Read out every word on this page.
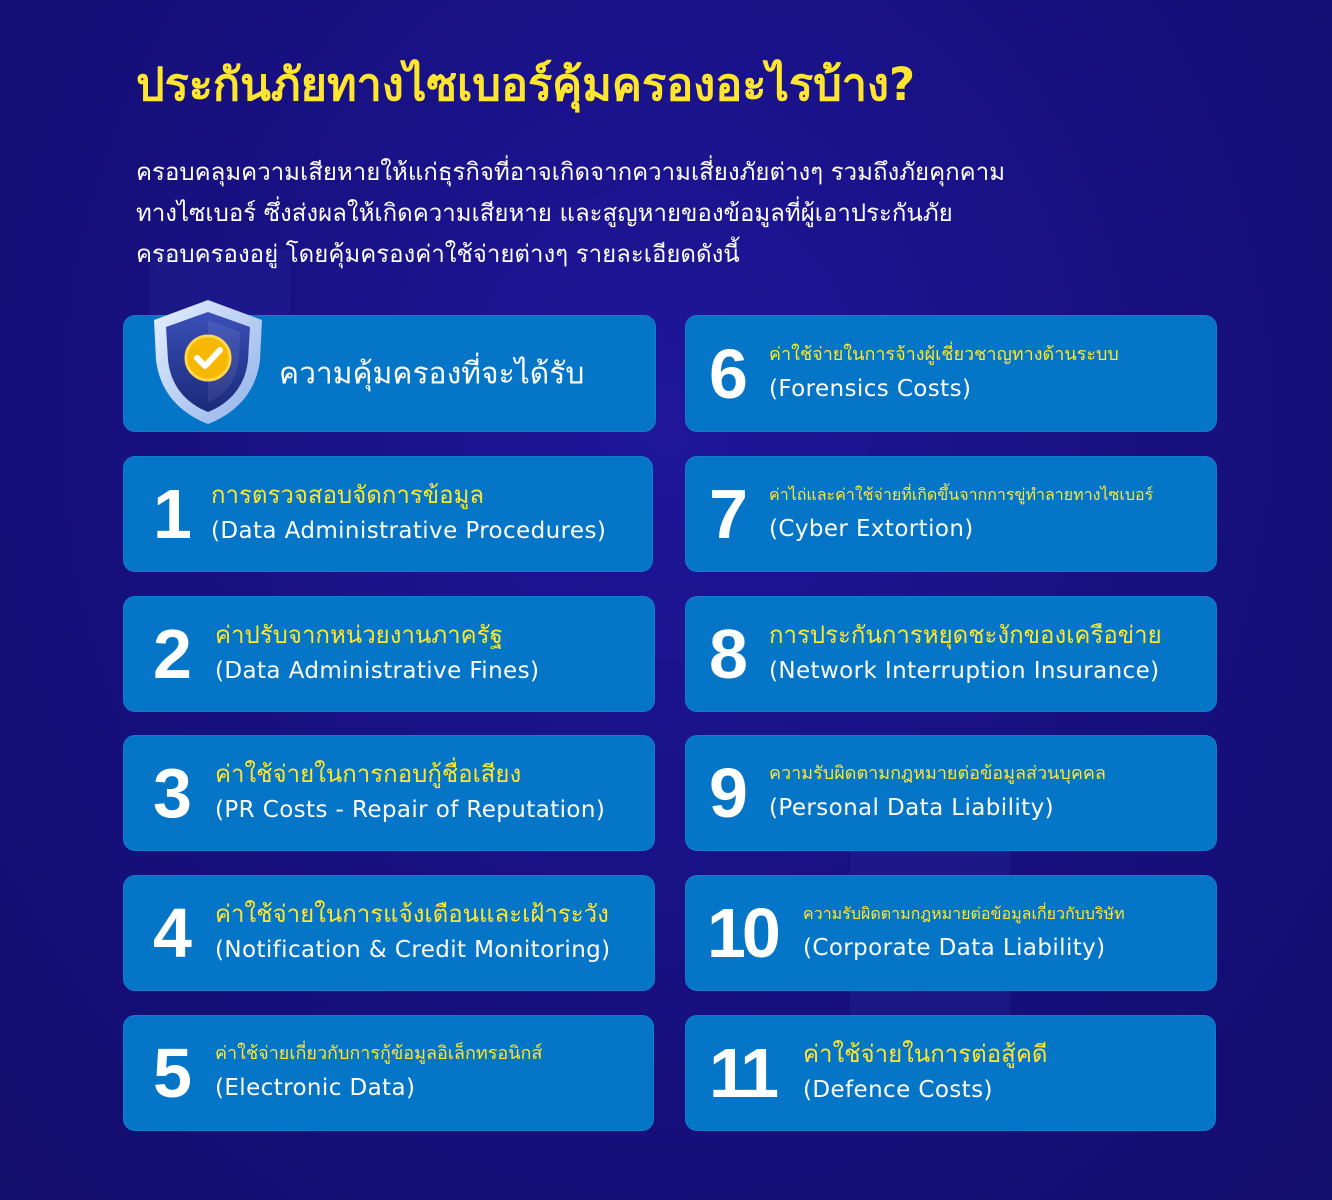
ประกันภัยทางไซเบอร์คุ้มครองอะไรบ้าง?
ครอบคลุมความเสียหายให้แก่ธุรกิจที่อาจเกิดจากความเสี่ยงภัยต่างๆ รวมถึงภัยคุกคาม
ทางไซเบอร์ ซึ่งส่งผลให้เกิดความเสียหาย และสูญหายของข้อมูลที่ผู้เอาประกันภัย
ครอบครองอยู่ โดยคุ้มครองค่าใช้จ่ายต่างๆ รายละเอียดดังนี้
ความคุ้มครองที่จะได้รับ
1 การตรวจสอบจัดการข้อมูล
(Data Administrative Procedures)
2 ค่าปรับจากหน่วยงานภาครัฐ
(Data Administrative Fines)
3 ค่าใช้จ่ายในการกอบกู้ชื่อเสียง
(PR Costs - Repair of Reputation)
4 ค่าใช้จ่ายในการแจ้งเตือนและเฝ้าระวัง
(Notification & Credit Monitoring)
5 ค่าใช้จ่ายเกี่ยวกับการกู้ข้อมูลอิเล็กทรอนิกส์
(Electronic Data)
6 ค่าใช้จ่ายในการจ้างผู้เชี่ยวชาญทางด้านระบบ
(Forensics Costs)
7 ค่าไถ่และค่าใช้จ่ายที่เกิดขึ้นจากการขู่ทำลายทางไซเบอร์
(Cyber Extortion)
8 การประกันการหยุดชะงักของเครือข่าย
(Network Interruption Insurance)
9 ความรับผิดตามกฎหมายต่อข้อมูลส่วนบุคคล
(Personal Data Liability)
10 ความรับผิดตามกฎหมายต่อข้อมูลเกี่ยวกับบริษัท
(Corporate Data Liability)
11 ค่าใช้จ่ายในการต่อสู้คดี
(Defence Costs)
